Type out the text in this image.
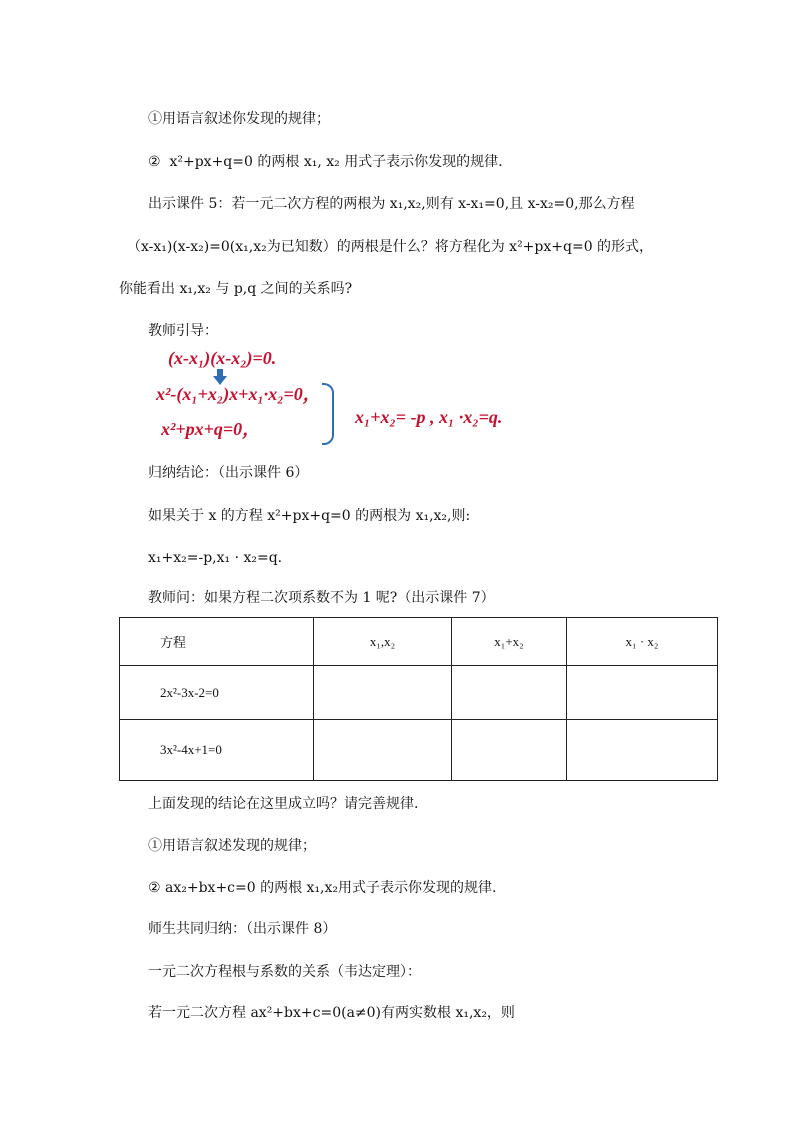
①用语言叙述你发现的规律；
② x²+px+q=0 的两根 x₁, x₂ 用式子表示你发现的规律.
出示课件 5：若一元二次方程的两根为 x₁,x₂,则有 x-x₁=0,且 x-x₂=0,那么方程
（x-x₁)(x-x₂)=0(x₁,x₂为已知数）的两根是什么？将方程化为 x²+px+q=0 的形式，
你能看出 x₁,x₂ 与 p,q 之间的关系吗?
教师引导：
(x-x₁)(x-x₂)=0.
x²-(x₁+x₂)x+x₁·x₂=0，
x²+px+q=0，
x₁+x₂= -p , x₁ ·x₂=q.
归纳结论：（出示课件 6）
如果关于 x 的方程 x²+px+q=0 的两根为 x₁,x₂,则:
x₁+x₂=-p,x₁ · x₂=q.
教师问：如果方程二次项系数不为 1 呢?（出示课件 7）
方程	x₁,x₂	x₁+x₂	x₁ · x₂
2x²-3x-2=0			
3x²-4x+1=0			
上面发现的结论在这里成立吗？请完善规律.
①用语言叙述发现的规律；
② ax₂+bx+c=0 的两根 x₁,x₂用式子表示你发现的规律.
师生共同归纳：（出示课件 8）
一元二次方程根与系数的关系（韦达定理）：
若一元二次方程 ax²+bx+c=0(a≠0)有两实数根 x₁,x₂，则
